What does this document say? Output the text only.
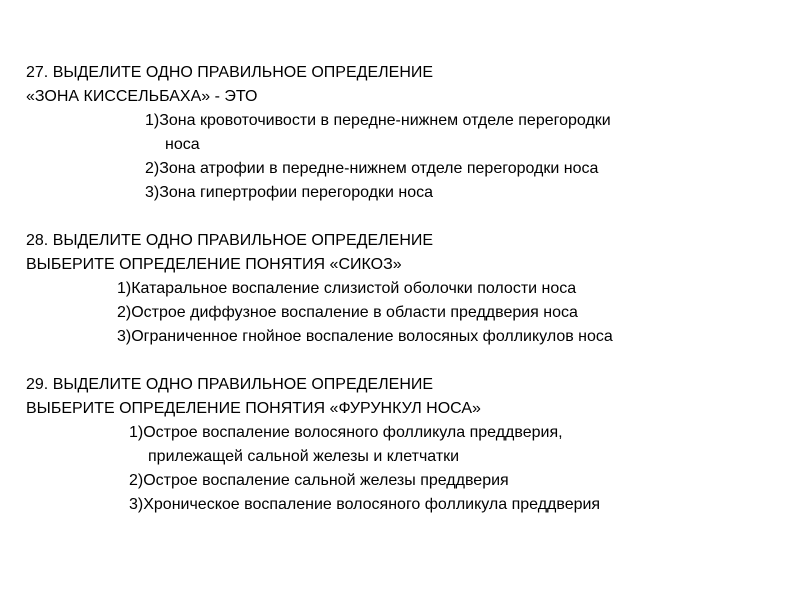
27. ВЫДЕЛИТЕ ОДНО ПРАВИЛЬНОЕ ОПРЕДЕЛЕНИЕ
«ЗОНА КИССЕЛЬБАХА» - ЭТО
1)Зона кровоточивости в передне-нижнем отделе перегородки
носа
2)Зона атрофии в передне-нижнем отделе перегородки носа
3)Зона гипертрофии перегородки носа
28. ВЫДЕЛИТЕ ОДНО ПРАВИЛЬНОЕ ОПРЕДЕЛЕНИЕ
ВЫБЕРИТЕ ОПРЕДЕЛЕНИЕ ПОНЯТИЯ «СИКОЗ»
1)Катаральное воспаление слизистой оболочки полости носа
2)Острое диффузное воспаление в области преддверия носа
3)Ограниченное гнойное воспаление волосяных фолликулов носа
29. ВЫДЕЛИТЕ ОДНО ПРАВИЛЬНОЕ ОПРЕДЕЛЕНИЕ
ВЫБЕРИТЕ ОПРЕДЕЛЕНИЕ ПОНЯТИЯ «ФУРУНКУЛ НОСА»
1)Острое воспаление волосяного фолликула преддверия,
прилежащей сальной железы и клетчатки
2)Острое воспаление сальной железы преддверия
3)Хроническое воспаление волосяного фолликула преддверия
